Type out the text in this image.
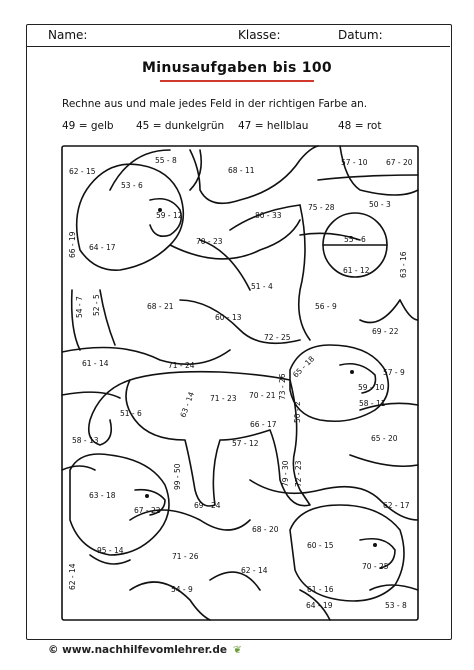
Name:	Klasse:	Datum:
Minusaufgaben bis 100
Rechne aus und male jedes Feld in der richtigen Farbe an.
49 = gelb 45 = dunkelgrün 47 = hellblau	48 = rot
55 - 8
62 - 15
53 - 6
68 - 11
57 - 10 67 - 20
59 - 12	80 - 33
75 - 28	50 - 3
70 - 23	55 - 6
64 - 17
61 - 12
51 - 4
68 - 21	56 - 9
60 - 13
69 - 22
72 - 25
61 - 14	71 - 24
57 - 9
59 - 10
58 - 11
71 - 23
51 - 6
70 - 21
66 - 17
58 - 13	65 - 20
57 - 12
63 - 18
62 - 17
67 - 22
69 - 24
68 - 20
60 - 15
95 - 14
71 - 26
70 - 25
62 - 14
54 - 9	61 - 16
64 - 19	53 - 8
66 - 19
63 - 16
54 - 7 52 - 5
65 - 18
73 - 26
63 - 14	50 - 2
99 - 50	79 - 30 72 - 23
62 - 14
© www.nachhilfevomlehrer.de ❦
